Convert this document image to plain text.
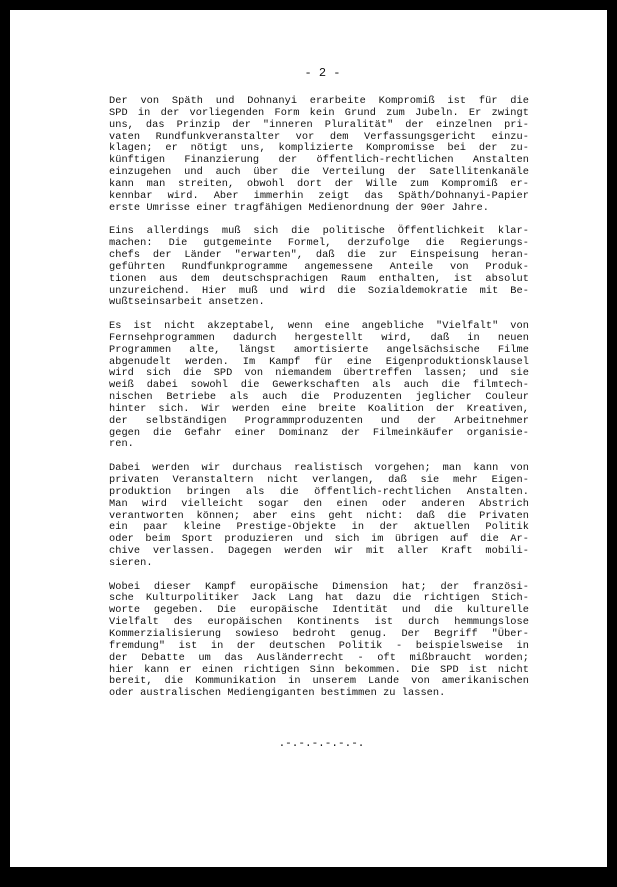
- 2 -
Der von Späth und Dohnanyi erarbeite Kompromiß ist für die
SPD in der vorliegenden Form kein Grund zum Jubeln. Er zwingt
uns, das Prinzip der "inneren Pluralität" der einzelnen pri-
vaten Rundfunkveranstalter vor dem Verfassungsgericht einzu-
klagen; er nötigt uns, komplizierte Kompromisse bei der zu-
künftigen Finanzierung der öffentlich-rechtlichen Anstalten
einzugehen und auch über die Verteilung der Satellitenkanäle
kann man streiten, obwohl dort der Wille zum Kompromiß er-
kennbar wird. Aber immerhin zeigt das Späth/Dohnanyi-Papier
erste Umrisse einer tragfähigen Medienordnung der 90er Jahre.
Eins allerdings muß sich die politische Öffentlichkeit klar-
machen: Die gutgemeinte Formel, derzufolge die Regierungs-
chefs der Länder "erwarten", daß die zur Einspeisung heran-
geführten Rundfunkprogramme angemessene Anteile von Produk-
tionen aus dem deutschsprachigen Raum enthalten, ist absolut
unzureichend. Hier muß und wird die Sozialdemokratie mit Be-
wußtseinsarbeit ansetzen.
Es ist nicht akzeptabel, wenn eine angebliche "Vielfalt" von
Fernsehprogrammen dadurch hergestellt wird, daß in neuen
Programmen alte, längst amortisierte angelsächsische Filme
abgenudelt werden. Im Kampf für eine Eigenproduktionsklausel
wird sich die SPD von niemandem übertreffen lassen; und sie
weiß dabei sowohl die Gewerkschaften als auch die filmtech-
nischen Betriebe als auch die Produzenten jeglicher Couleur
hinter sich. Wir werden eine breite Koalition der Kreativen,
der selbständigen Programmproduzenten und der Arbeitnehmer
gegen die Gefahr einer Dominanz der Filmeinkäufer organisie-
ren.
Dabei werden wir durchaus realistisch vorgehen; man kann von
privaten Veranstaltern nicht verlangen, daß sie mehr Eigen-
produktion bringen als die öffentlich-rechtlichen Anstalten.
Man wird vielleicht sogar den einen oder anderen Abstrich
verantworten können; aber eins geht nicht: daß die Privaten
ein paar kleine Prestige-Objekte in der aktuellen Politik
oder beim Sport produzieren und sich im übrigen auf die Ar-
chive verlassen. Dagegen werden wir mit aller Kraft mobili-
sieren.
Wobei dieser Kampf europäische Dimension hat; der französi-
sche Kulturpolitiker Jack Lang hat dazu die richtigen Stich-
worte gegeben. Die europäische Identität und die kulturelle
Vielfalt des europäischen Kontinents ist durch hemmungslose
Kommerzialisierung sowieso bedroht genug. Der Begriff "Über-
fremdung" ist in der deutschen Politik - beispielsweise in
der Debatte um das Ausländerrecht - oft mißbraucht worden;
hier kann er einen richtigen Sinn bekommen. Die SPD ist nicht
bereit, die Kommunikation in unserem Lande von amerikanischen
oder australischen Mediengiganten bestimmen zu lassen.
.-.-.-.-.-.-.
